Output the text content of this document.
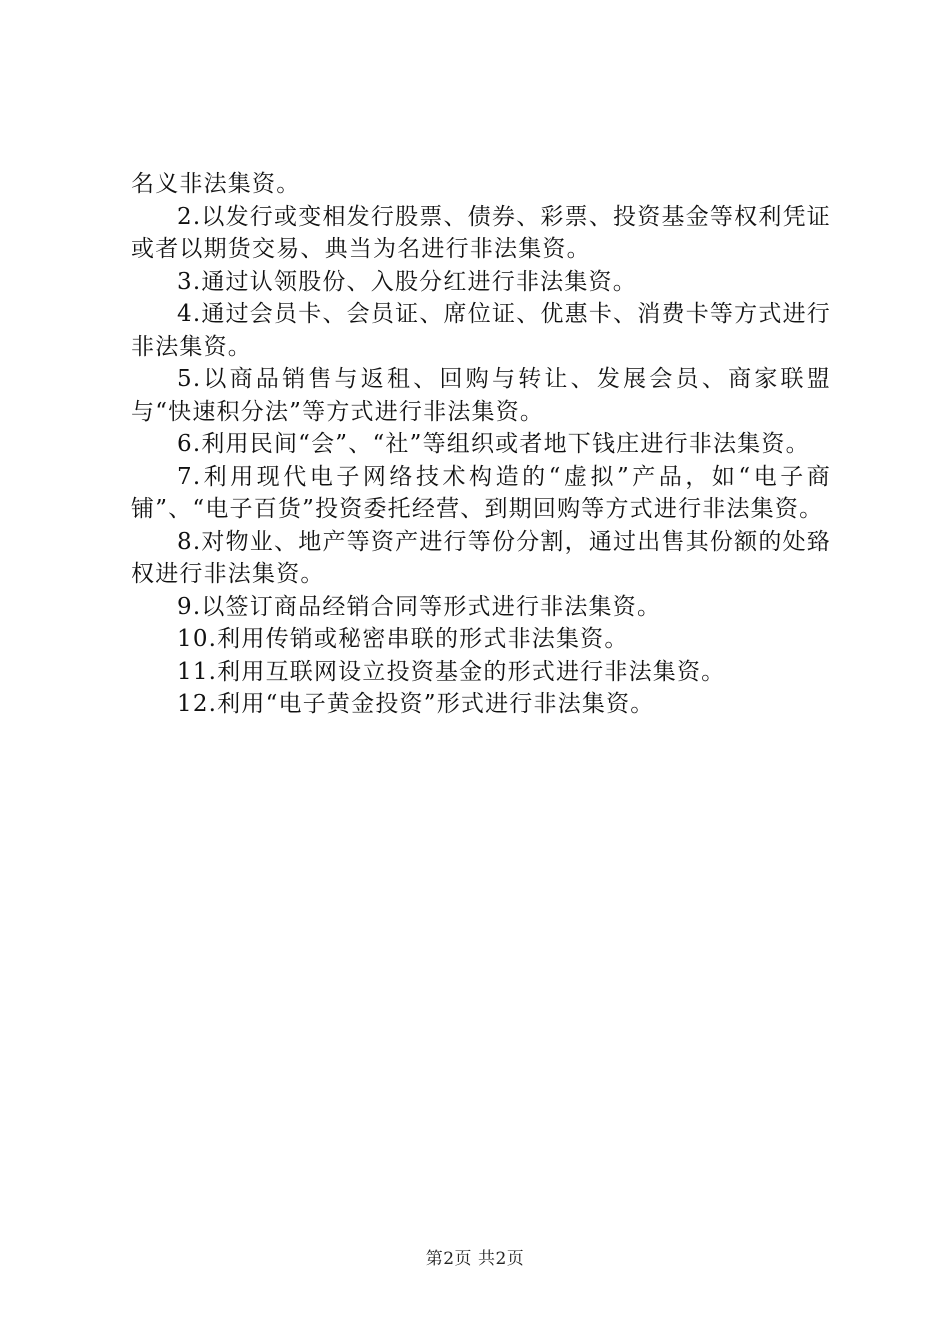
名义非法集资。

2.以发行或变相发行股票、债券、彩票、投资基金等权利凭证或者以期货交易、典当为名进行非法集资。

3.通过认领股份、入股分红进行非法集资。

4.通过会员卡、会员证、席位证、优惠卡、消费卡等方式进行非法集资。

5.以商品销售与返租、回购与转让、发展会员、商家联盟与“快速积分法”等方式进行非法集资。

6.利用民间“会”、“社”等组织或者地下钱庄进行非法集资。

7.利用现代电子网络技术构造的“虚拟”产品，如“电子商铺”、“电子百货”投资委托经营、到期回购等方式进行非法集资。

8.对物业、地产等资产进行等份分割，通过出售其份额的处臵权进行非法集资。

9.以签订商品经销合同等形式进行非法集资。

10.利用传销或秘密串联的形式非法集资。

11.利用互联网设立投资基金的形式进行非法集资。

12.利用“电子黄金投资”形式进行非法集资。

第2页 共2页
